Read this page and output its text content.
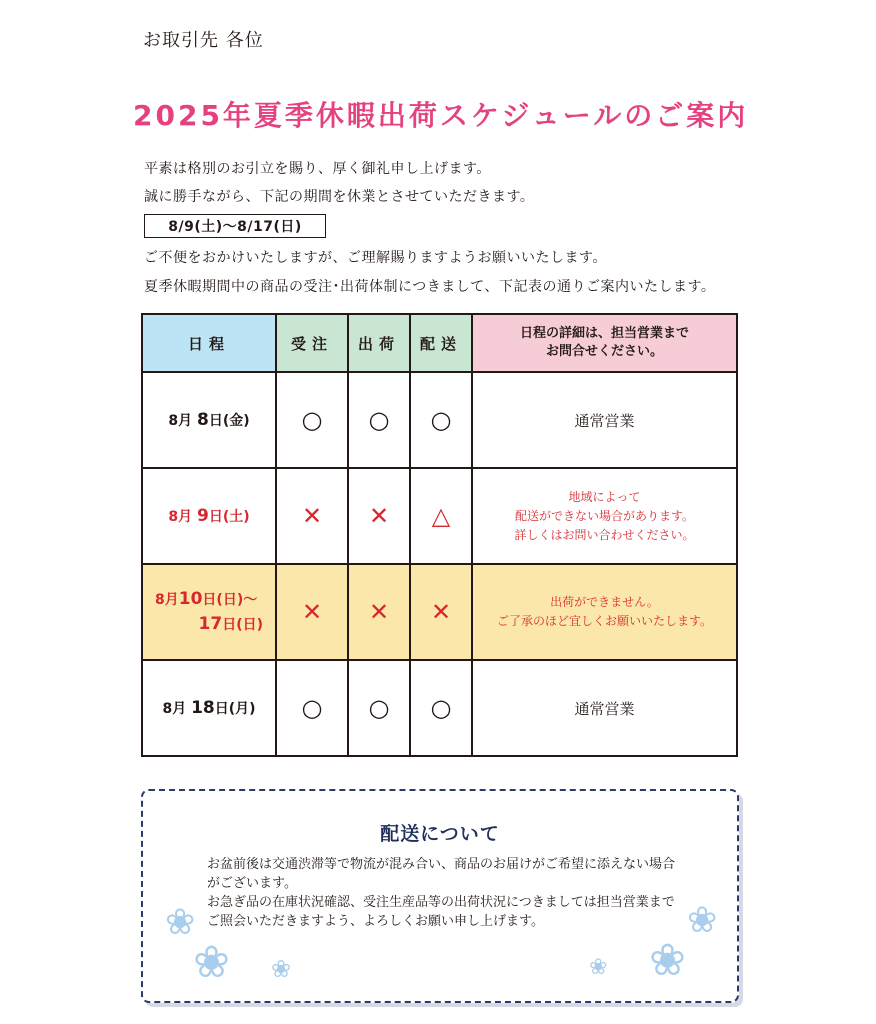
お取引先 各位
2025年夏季休暇出荷スケジュールのご案内
平素は格別のお引立を賜り、厚く御礼申し上げます。
誠に勝手ながら、下記の期間を休業とさせていただきます。
8/9(土)～8/17(日)
ご不便をおかけいたしますが、ご理解賜りますようお願いいたします。
夏季休暇期間中の商品の受注･出荷体制につきまして、下記表の通りご案内いたします。
日程	受注	出荷	配送	日程の詳細は、担当営業まで
お問合せください。
8月 8日(金)	○	○	○	通常営業
8月 9日(土)	✕	✕	△	地域によって
配送ができない場合があります。
詳しくはお問い合わせください。
8月10日(日)～
17日(日)	✕	✕	✕	出荷ができません。
ご了承のほど宜しくお願いいたします。
8月 18日(月)	○	○	○	通常営業
❀
❀ ❀	❀ ❀
❀
配送について
お盆前後は交通渋滞等で物流が混み合い、商品のお届けがご希望に添えない場合がございます。
お急ぎ品の在庫状況確認、受注生産品等の出荷状況につきましては担当営業までご照会いただきますよう、よろしくお願い申し上げます。
